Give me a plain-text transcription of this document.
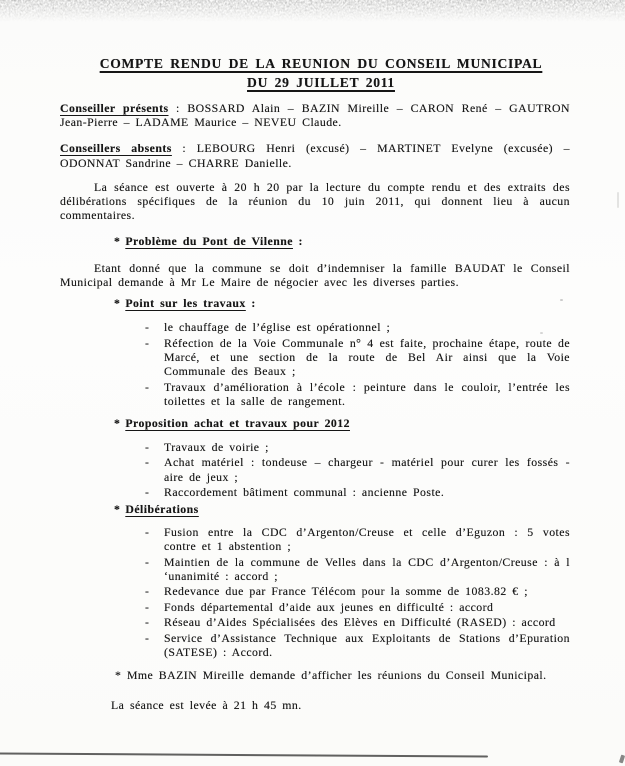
COMPTE RENDU DE LA REUNION DU CONSEIL MUNICIPAL
DU 29 JUILLET 2011

Conseiller présents : BOSSARD Alain – BAZIN Mireille – CARON René – GAUTRON Jean-Pierre – LADAME Maurice – NEVEU Claude.

Conseillers absents : LEBOURG Henri (excusé) – MARTINET Evelyne (excusée) – ODONNAT Sandrine – CHARRE Danielle.

La séance est ouverte à 20 h 20 par la lecture du compte rendu et des extraits des délibérations spécifiques de la réunion du 10 juin 2011, qui donnent lieu à aucun commentaires.

* Problème du Pont de Vilenne :

Etant donné que la commune se doit d’indemniser la famille BAUDAT le Conseil Municipal demande à Mr Le Maire de négocier avec les diverses parties.

* Point sur les travaux :
- le chauffage de l’église est opérationnel ;
- Réfection de la Voie Communale n° 4 est faite, prochaine étape, route de Marcé, et une section de la route de Bel Air ainsi que la Voie Communale des Beaux ;
- Travaux d’amélioration à l’école : peinture dans le couloir, l’entrée les toilettes et la salle de rangement.
* Proposition achat et travaux pour 2012
- Travaux de voirie ;
- Achat matériel : tondeuse – chargeur - matériel pour curer les fossés - aire de jeux ;
- Raccordement bâtiment communal : ancienne Poste.
* Délibérations
- Fusion entre la CDC d’Argenton/Creuse et celle d’Eguzon : 5 votes contre et 1 abstention ;
- Maintien de la commune de Velles dans la CDC d’Argenton/Creuse : à l ‘unanimité : accord ;
- Redevance due par France Télécom pour la somme de 1083.82 € ;
- Fonds départemental d’aide aux jeunes en difficulté : accord
- Réseau d’Aides Spécialisées des Elèves en Difficulté (RASED) : accord
- Service d’Assistance Technique aux Exploitants de Stations d’Epuration (SATESE) : Accord.

* Mme BAZIN Mireille demande d’afficher les réunions du Conseil Municipal.

La séance est levée à 21 h 45 mn.
